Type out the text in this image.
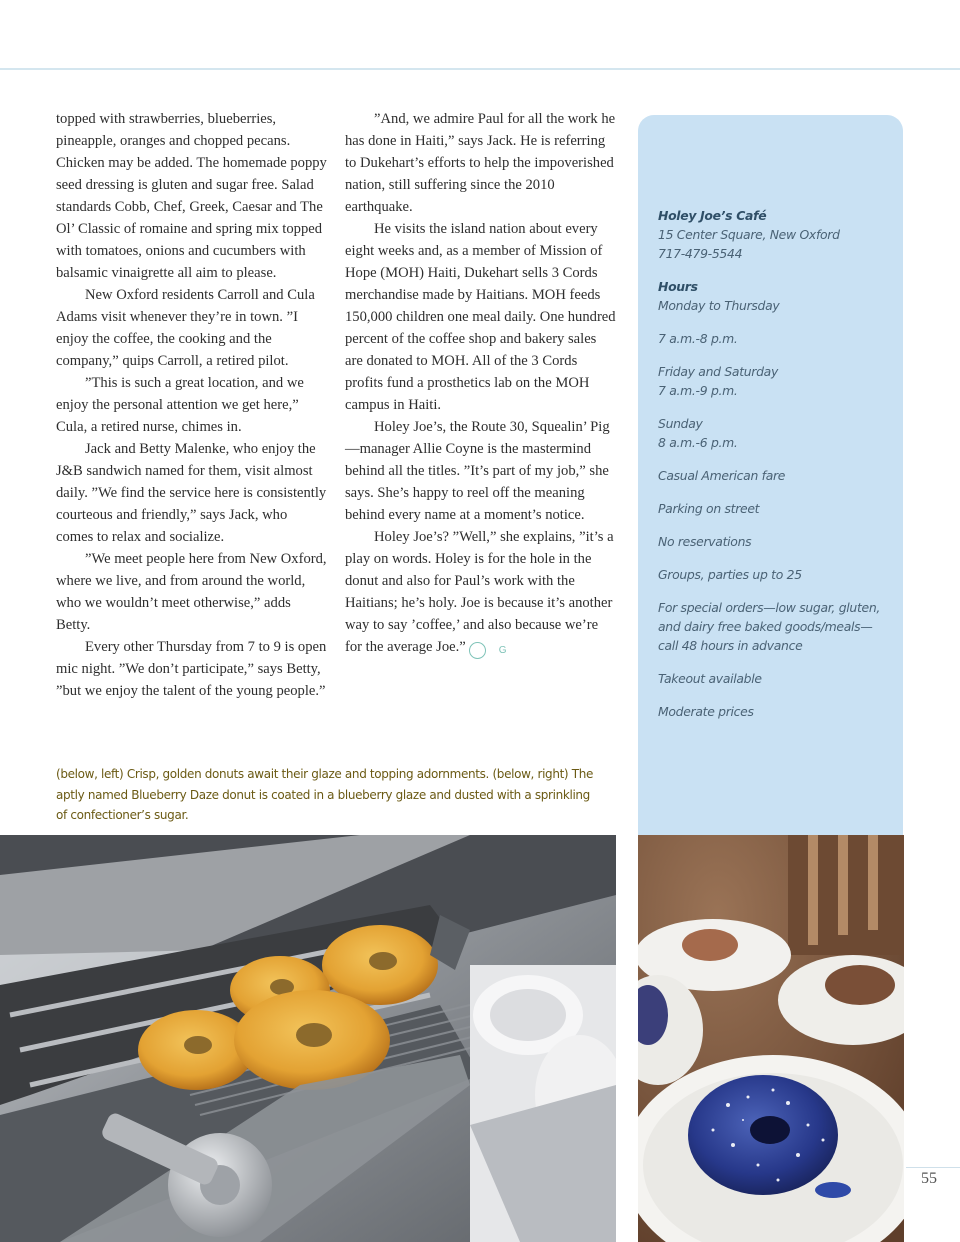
topped with strawberries, blueberries, pineapple, oranges and chopped pecans. Chicken may be added. The homemade poppy seed dressing is gluten and sugar free. Salad standards Cobb, Chef, Greek, Caesar and The Ol’ Classic of romaine and spring mix topped with tomatoes, onions and cucumbers with balsamic vinaigrette all aim to please.

New Oxford residents Carroll and Cula Adams visit whenever they’re in town. ”I enjoy the coffee, the cooking and the company,” quips Carroll, a retired pilot.

”This is such a great location, and we enjoy the personal attention we get here,” Cula, a retired nurse, chimes in.

Jack and Betty Malenke, who enjoy the J&B sandwich named for them, visit almost daily. ”We find the service here is consistently courteous and friendly,” says Jack, who comes to relax and socialize.

”We meet people here from New Oxford, where we live, and from around the world, who we wouldn’t meet otherwise,” adds Betty.

Every other Thursday from 7 to 9 is open mic night. ”We don’t participate,” says Betty, ”but we enjoy the talent of the young people.”

”And, we admire Paul for all the work he has done in Haiti,” says Jack. He is referring to Dukehart’s efforts to help the impoverished nation, still suffering since the 2010 earthquake.

He visits the island nation about every eight weeks and, as a member of Mission of Hope (MOH) Haiti, Dukehart sells 3 Cords merchandise made by Haitians. MOH feeds 150,000 children one meal daily. One hundred percent of the coffee shop and bakery sales are donated to MOH. All of the 3 Cords profits fund a prosthetics lab on the MOH campus in Haiti.

Holey Joe’s, the Route 30, Squealin’ Pig—manager Allie Coyne is the mastermind behind all the titles. ”It’s part of my job,” she says. She’s happy to reel off the meaning behind every name at a moment’s notice.

Holey Joe’s? ”Well,” she explains, ”it’s a play on words. Holey is for the hole in the donut and also for Paul’s work with the Haitians; he’s holy. Joe is because it’s another way to say ’coffee,’ and also because we’re for the average Joe.”	G

Holey Joe’s Café
15 Center Square, New Oxford
717-479-5544
Hours
Monday to Thursday
7 a.m.-8 p.m.
Friday and Saturday
7 a.m.-9 p.m.
Sunday
8 a.m.-6 p.m.
Casual American fare
Parking on street
No reservations
Groups, parties up to 25
For special orders—low sugar, gluten, and dairy free baked goods/meals—call 48 hours in advance
Takeout available
Moderate prices
(below, left) Crisp, golden donuts await their glaze and topping adornments. (below, right) The aptly named Blueberry Daze donut is coated in a blueberry glaze and dusted with a sprinkling of confectioner’s sugar.
55
